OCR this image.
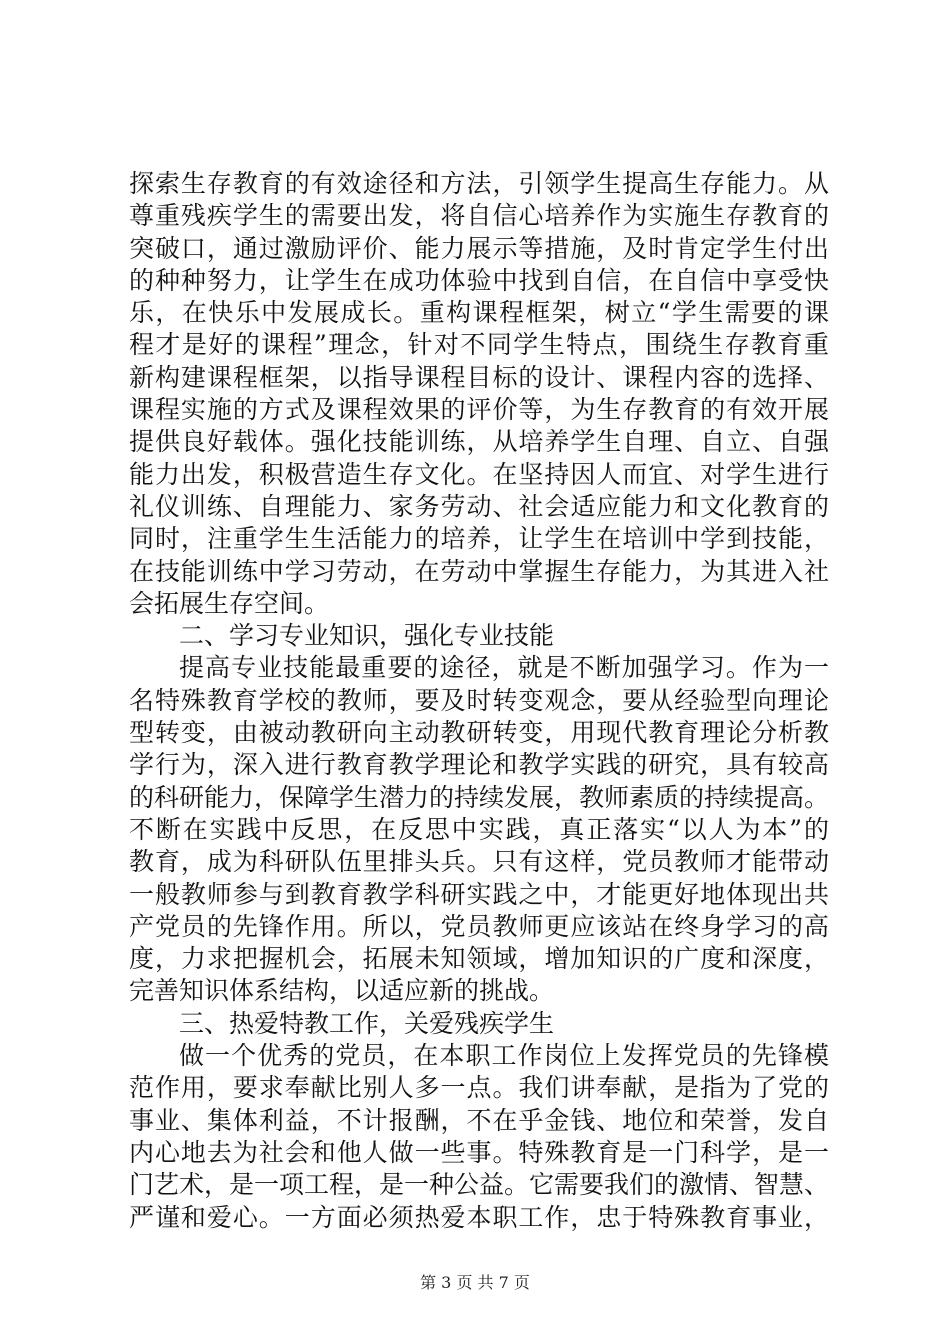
探索生存教育的有效途径和方法，引领学生提高生存能力。从
尊重残疾学生的需要出发，将自信心培养作为实施生存教育的
突破口，通过激励评价、能力展示等措施，及时肯定学生付出
的种种努力，让学生在成功体验中找到自信，在自信中享受快
乐，在快乐中发展成长。重构课程框架，树立“学生需要的课
程才是好的课程”理念，针对不同学生特点，围绕生存教育重
新构建课程框架，以指导课程目标的设计、课程内容的选择、
课程实施的方式及课程效果的评价等，为生存教育的有效开展
提供良好载体。强化技能训练，从培养学生自理、自立、自强
能力出发，积极营造生存文化。在坚持因人而宜、对学生进行
礼仪训练、自理能力、家务劳动、社会适应能力和文化教育的
同时，注重学生生活能力的培养，让学生在培训中学到技能，
在技能训练中学习劳动，在劳动中掌握生存能力，为其进入社
会拓展生存空间。
二、学习专业知识，强化专业技能
提高专业技能最重要的途径，就是不断加强学习。作为一
名特殊教育学校的教师，要及时转变观念，要从经验型向理论
型转变，由被动教研向主动教研转变，用现代教育理论分析教
学行为，深入进行教育教学理论和教学实践的研究，具有较高
的科研能力，保障学生潜力的持续发展，教师素质的持续提高。
不断在实践中反思，在反思中实践，真正落实“以人为本”的
教育，成为科研队伍里排头兵。只有这样，党员教师才能带动
一般教师参与到教育教学科研实践之中，才能更好地体现出共
产党员的先锋作用。所以，党员教师更应该站在终身学习的高
度，力求把握机会，拓展未知领域，增加知识的广度和深度，
完善知识体系结构，以适应新的挑战。
三、热爱特教工作，关爱残疾学生
做一个优秀的党员，在本职工作岗位上发挥党员的先锋模
范作用，要求奉献比别人多一点。我们讲奉献，是指为了党的
事业、集体利益，不计报酬，不在乎金钱、地位和荣誉，发自
内心地去为社会和他人做一些事。特殊教育是一门科学，是一
门艺术，是一项工程，是一种公益。它需要我们的激情、智慧、
严谨和爱心。一方面必须热爱本职工作，忠于特殊教育事业，
第 3 页 共 7 页
